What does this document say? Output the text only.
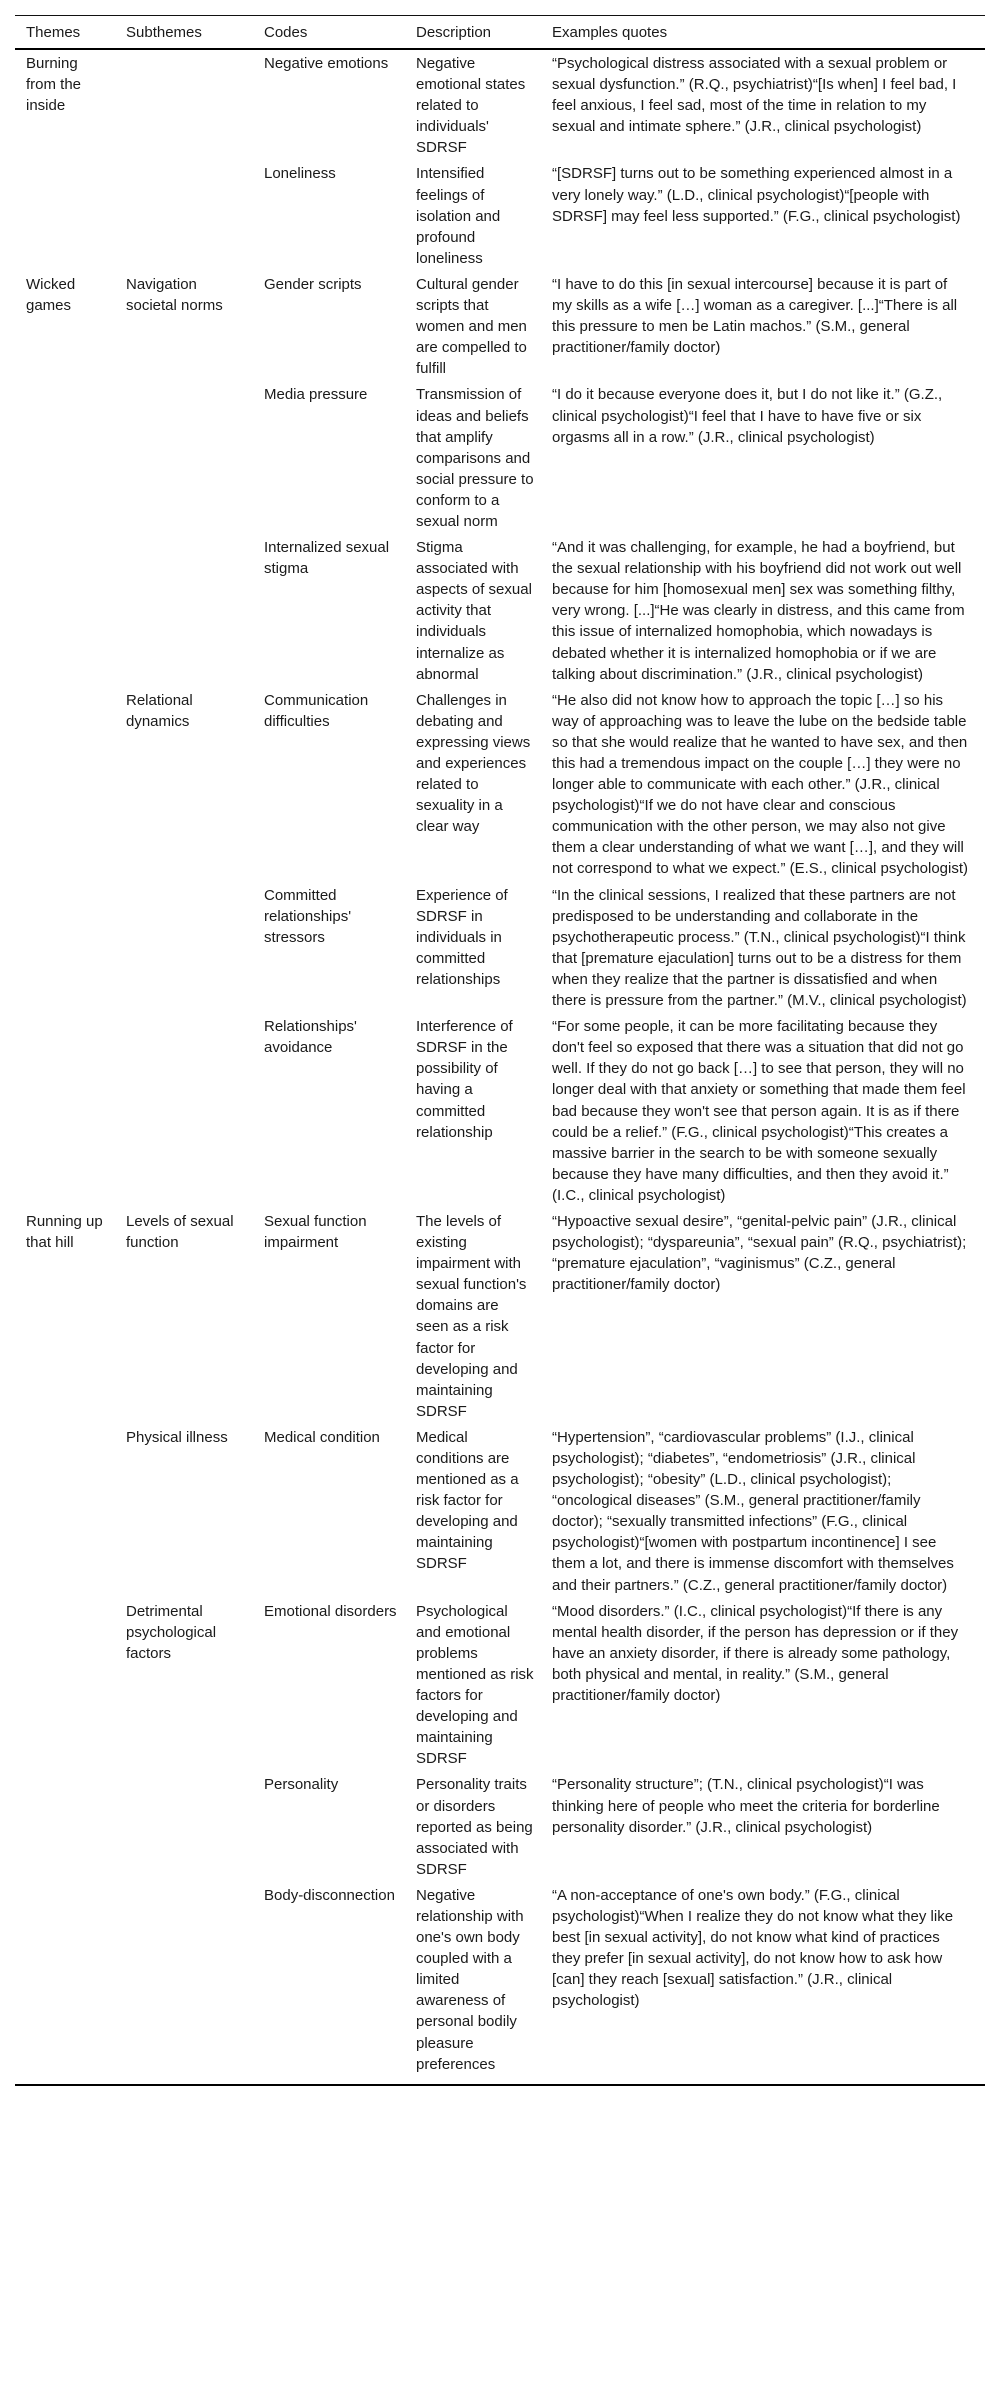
Themes	Subthemes	Codes	Description	Examples quotes
Burning from the inside		Negative emotions	Negative emotional states related to individuals' SDRSF	“Psychological distress associated with a sexual problem or sexual dysfunction.” (R.Q., psychiatrist)“[Is when] I feel bad, I feel anxious, I feel sad, most of the time in relation to my sexual and intimate sphere.” (J.R., clinical psychologist)
		Loneliness	Intensified feelings of isolation and profound loneliness	“[SDRSF] turns out to be something experienced almost in a very lonely way.” (L.D., clinical psychologist)“[people with SDRSF] may feel less supported.” (F.G., clinical psychologist)
Wicked games	Navigation societal norms	Gender scripts	Cultural gender scripts that women and men are compelled to fulfill	“I have to do this [in sexual intercourse] because it is part of my skills as a wife […] woman as a caregiver. [...]“There is all this pressure to men be Latin machos.” (S.M., general practitioner/family doctor)
		Media pressure	Transmission of ideas and beliefs that amplify comparisons and social pressure to conform to a sexual norm	“I do it because everyone does it, but I do not like it.” (G.Z., clinical psychologist)“I feel that I have to have five or six orgasms all in a row.” (J.R., clinical psychologist)
		Internalized sexual stigma	Stigma associated with aspects of sexual activity that individuals internalize as abnormal	“And it was challenging, for example, he had a boyfriend, but the sexual relationship with his boyfriend did not work out well because for him [homosexual men] sex was something filthy, very wrong. [...]“He was clearly in distress, and this came from this issue of internalized homophobia, which nowadays is debated whether it is internalized homophobia or if we are talking about discrimination.” (J.R., clinical psychologist)
	Relational dynamics	Communication difficulties	Challenges in debating and expressing views and experiences related to sexuality in a clear way	“He also did not know how to approach the topic […] so his way of approaching was to leave the lube on the bedside table so that she would realize that he wanted to have sex, and then this had a tremendous impact on the couple […] they were no longer able to communicate with each other.” (J.R., clinical psychologist)“If we do not have clear and conscious communication with the other person, we may also not give them a clear understanding of what we want […], and they will not correspond to what we expect.” (E.S., clinical psychologist)
		Committed relationships' stressors	Experience of SDRSF in individuals in committed relationships	“In the clinical sessions, I realized that these partners are not predisposed to be understanding and collaborate in the psychotherapeutic process.” (T.N., clinical psychologist)“I think that [premature ejaculation] turns out to be a distress for them when they realize that the partner is dissatisfied and when there is pressure from the partner.” (M.V., clinical psychologist)
		Relationships' avoidance	Interference of SDRSF in the possibility of having a committed relationship	“For some people, it can be more facilitating because they don't feel so exposed that there was a situation that did not go well. If they do not go back […] to see that person, they will no longer deal with that anxiety or something that made them feel bad because they won't see that person again. It is as if there could be a relief.” (F.G., clinical psychologist)“This creates a massive barrier in the search to be with someone sexually because they have many difficulties, and then they avoid it.” (I.C., clinical psychologist)
Running up that hill	Levels of sexual function	Sexual function impairment	The levels of existing impairment with sexual function's domains are seen as a risk factor for developing and maintaining SDRSF	“Hypoactive sexual desire”, “genital-pelvic pain” (J.R., clinical psychologist); “dyspareunia”, “sexual pain” (R.Q., psychiatrist); “premature ejaculation”, “vaginismus” (C.Z., general practitioner/family doctor)
	Physical illness	Medical condition	Medical conditions are mentioned as a risk factor for developing and maintaining SDRSF	“Hypertension”, “cardiovascular problems” (I.J., clinical psychologist); “diabetes”, “endometriosis” (J.R., clinical psychologist); “obesity” (L.D., clinical psychologist); “oncological diseases” (S.M., general practitioner/family doctor); “sexually transmitted infections” (F.G., clinical psychologist)“[women with postpartum incontinence] I see them a lot, and there is immense discomfort with themselves and their partners.” (C.Z., general practitioner/family doctor)
	Detrimental psychological factors	Emotional disorders	Psychological and emotional problems mentioned as risk factors for developing and maintaining SDRSF	“Mood disorders.” (I.C., clinical psychologist)“If there is any mental health disorder, if the person has depression or if they have an anxiety disorder, if there is already some pathology, both physical and mental, in reality.” (S.M., general practitioner/family doctor)
		Personality	Personality traits or disorders reported as being associated with SDRSF	“Personality structure”; (T.N., clinical psychologist)“I was thinking here of people who meet the criteria for borderline personality disorder.” (J.R., clinical psychologist)
		Body-disconnection	Negative relationship with one's own body coupled with a limited awareness of personal bodily pleasure preferences	“A non-acceptance of one's own body.” (F.G., clinical psychologist)“When I realize they do not know what they like best [in sexual activity], do not know what kind of practices they prefer [in sexual activity], do not know how to ask how [can] they reach [sexual] satisfaction.” (J.R., clinical psychologist)
